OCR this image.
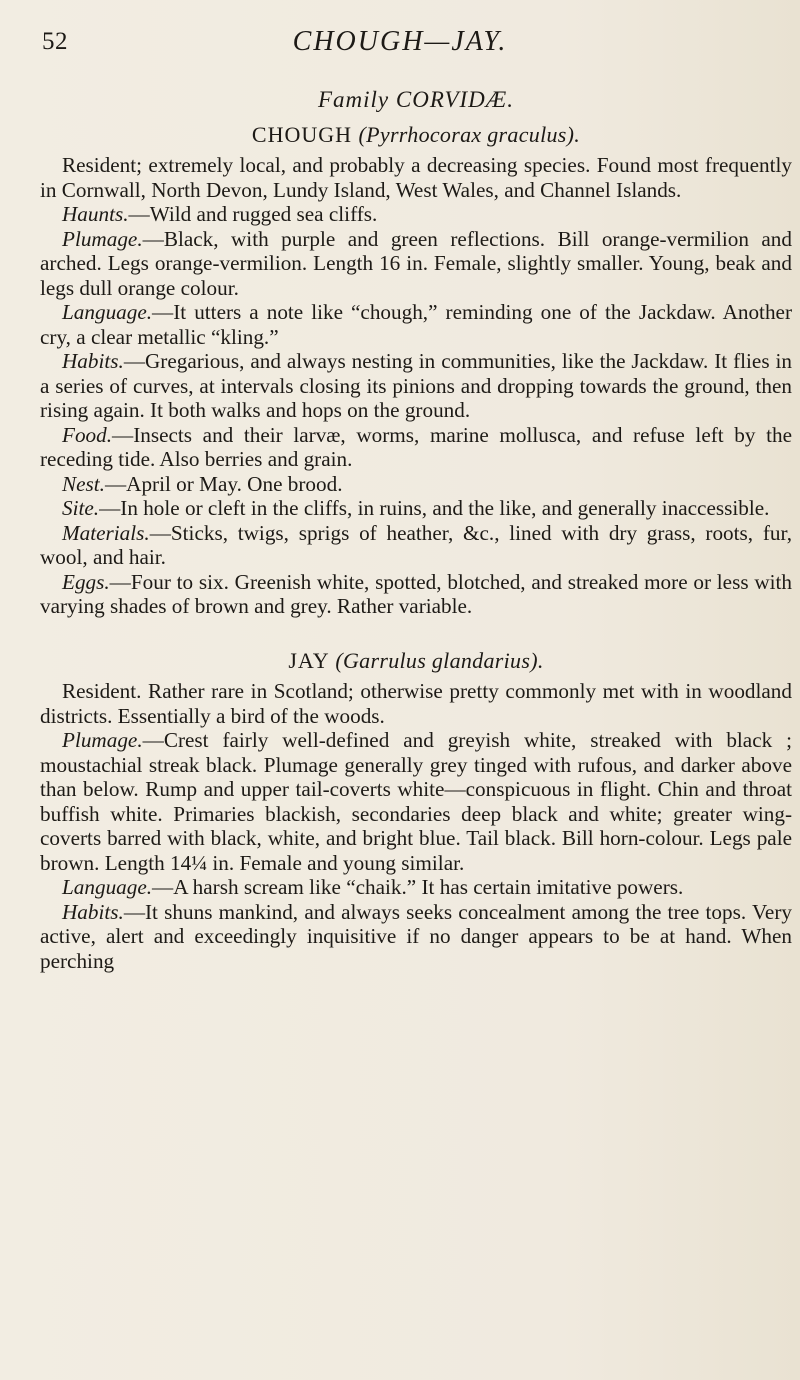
52	CHOUGH—JAY.
Family CORVIDÆ.
CHOUGH (Pyrrhocorax graculus).

Resident; extremely local, and probably a decreasing species. Found most frequently in Cornwall, North Devon, Lundy Island, West Wales, and Channel Islands.

Haunts.—Wild and rugged sea cliffs.

Plumage.—Black, with purple and green reflections. Bill orange-vermilion and arched. Legs orange-vermilion. Length 16 in. Female, slightly smaller. Young, beak and legs dull orange colour.

Language.—It utters a note like “chough,” reminding one of the Jackdaw. Another cry, a clear metallic “kling.”

Habits.—Gregarious, and always nesting in communities, like the Jackdaw. It flies in a series of curves, at intervals closing its pinions and dropping towards the ground, then rising again. It both walks and hops on the ground.

Food.—Insects and their larvæ, worms, marine mollusca, and refuse left by the receding tide. Also berries and grain.

Nest.—April or May. One brood.

Site.—In hole or cleft in the cliffs, in ruins, and the like, and generally inaccessible.

Materials.—Sticks, twigs, sprigs of heather, &c., lined with dry grass, roots, fur, wool, and hair.

Eggs.—Four to six. Greenish white, spotted, blotched, and streaked more or less with varying shades of brown and grey. Rather variable.

JAY (Garrulus glandarius).

Resident. Rather rare in Scotland; otherwise pretty commonly met with in woodland districts. Essentially a bird of the woods.

Plumage.—Crest fairly well-defined and greyish white, streaked with black ; moustachial streak black. Plumage generally grey tinged with rufous, and darker above than below. Rump and upper tail-coverts white—conspicuous in flight. Chin and throat buffish white. Primaries blackish, secondaries deep black and white; greater wing-coverts barred with black, white, and bright blue. Tail black. Bill horn-colour. Legs pale brown. Length 14¼ in. Female and young similar.

Language.—A harsh scream like “chaik.” It has certain imitative powers.

Habits.—It shuns mankind, and always seeks concealment among the tree tops. Very active, alert and exceedingly inquisitive if no danger appears to be at hand. When perching
